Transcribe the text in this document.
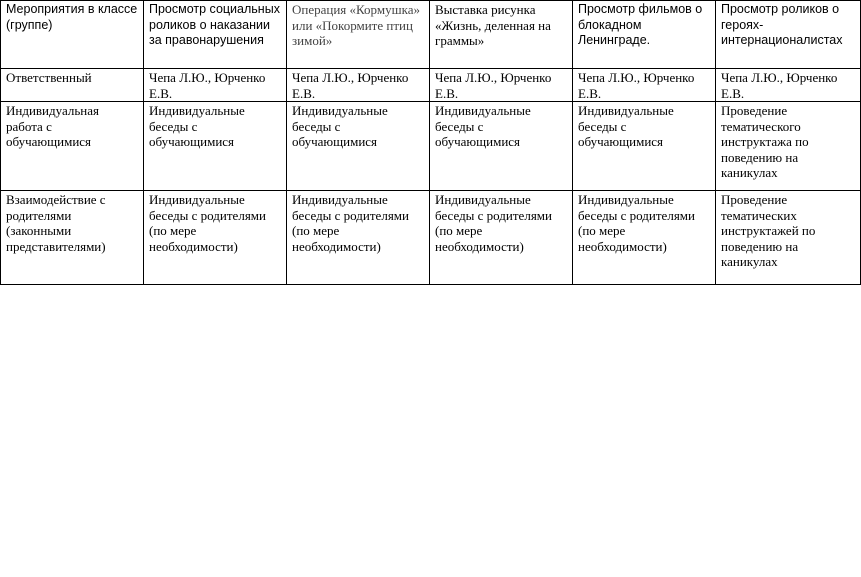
Мероприятия в классе (группе)	Просмотр социальных роликов о наказании за правонарушения	Операция «Кормушка» или «Покормите птиц зимой»	Выставка рисунка «Жизнь, деленная на граммы»	Просмотр фильмов о блокадном Ленинграде.	Просмотр роликов о героях-интернационалистах

Ответственный	Чепа Л.Ю., Юрченко Е.В.	Чепа Л.Ю., Юрченко Е.В.	Чепа Л.Ю., Юрченко Е.В.	Чепа Л.Ю., Юрченко Е.В.	Чепа Л.Ю., Юрченко Е.В.

Индивидуальная работа с обучающимися	Индивидуальные беседы с обучающимися	Индивидуальные беседы с обучающимися	Индивидуальные беседы с обучающимися	Индивидуальные беседы с обучающимися	Проведение тематического инструктажа по поведению на каникулах

Взаимодействие с родителями (законными представителями)	Индивидуальные беседы с родителями (по мере необходимости)	Индивидуальные беседы с родителями (по мере необходимости)	Индивидуальные беседы с родителями (по мере необходимости)	Индивидуальные беседы с родителями (по мере необходимости)	Проведение тематических инструктажей по поведению на каникулах
